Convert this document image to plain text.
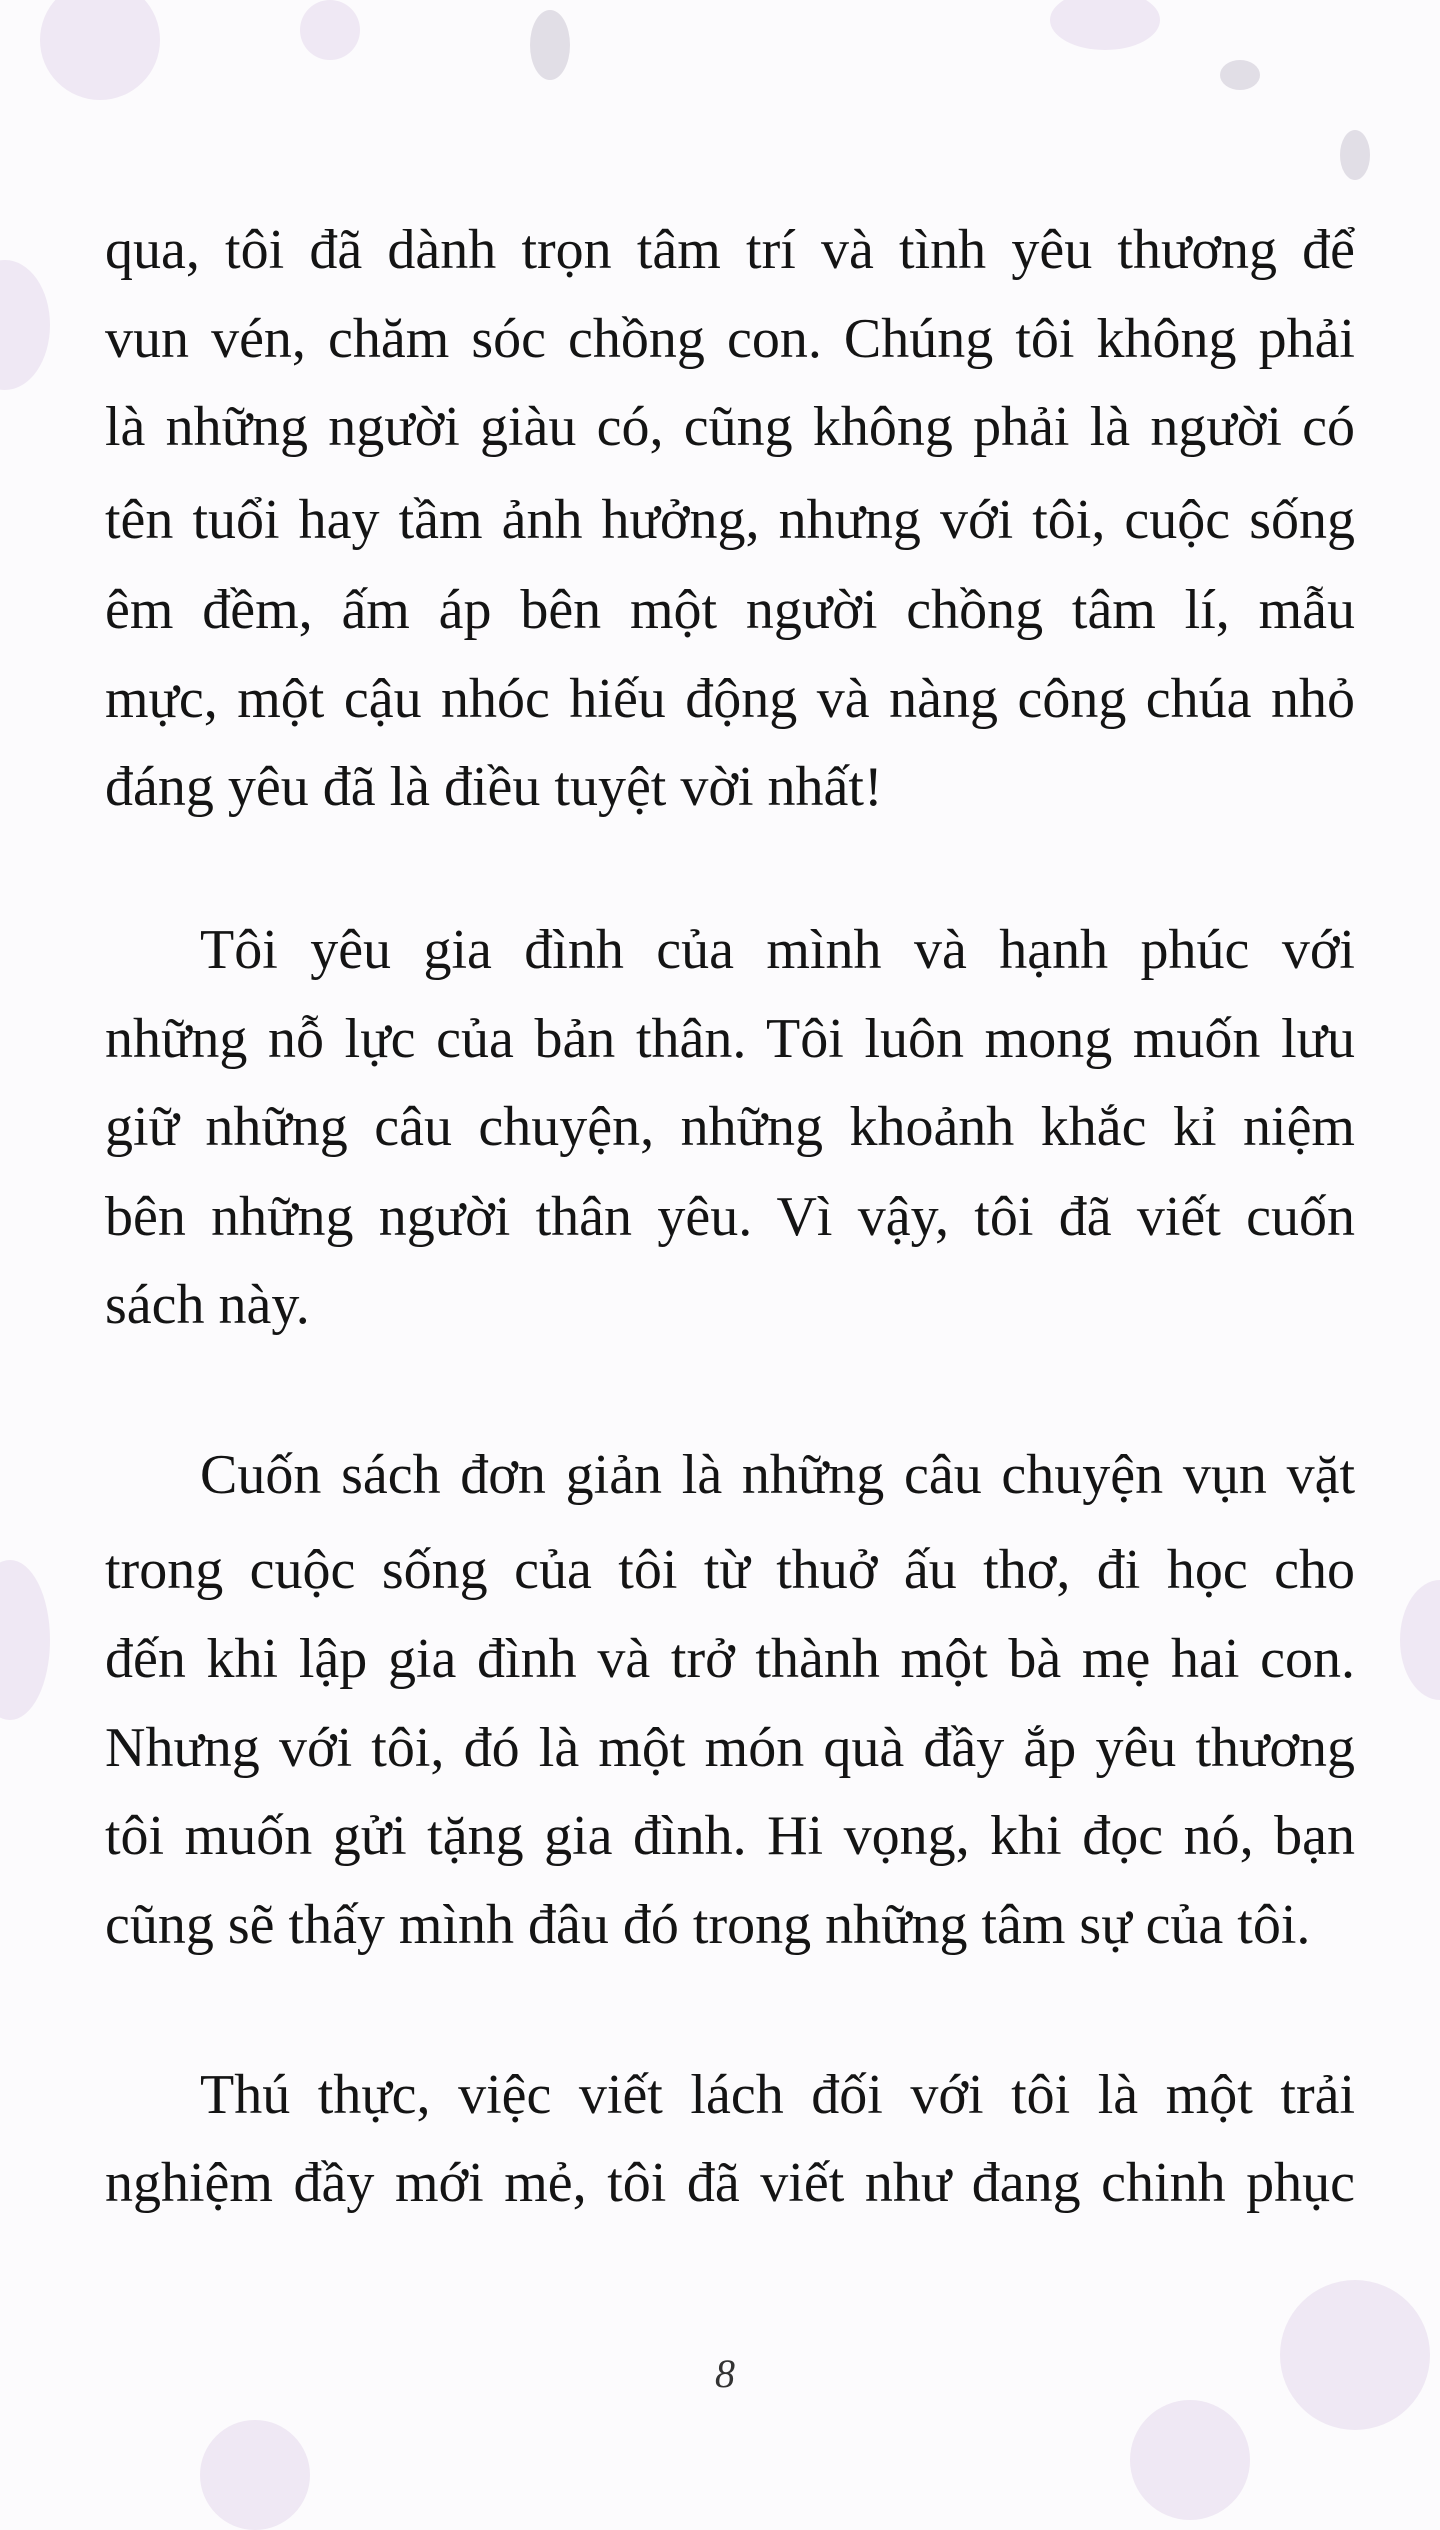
qua, tôi đã dành trọn tâm trí và tình yêu thương để
vun vén, chăm sóc chồng con. Chúng tôi không phải
là những người giàu có, cũng không phải là người có
tên tuổi hay tầm ảnh hưởng, nhưng với tôi, cuộc sống
êm đềm, ấm áp bên một người chồng tâm lí, mẫu
mực, một cậu nhóc hiếu động và nàng công chúa nhỏ
đáng yêu đã là điều tuyệt vời nhất!
Tôi yêu gia đình của mình và hạnh phúc với
những nỗ lực của bản thân. Tôi luôn mong muốn lưu
giữ những câu chuyện, những khoảnh khắc kỉ niệm
bên những người thân yêu. Vì vậy, tôi đã viết cuốn
sách này.
Cuốn sách đơn giản là những câu chuyện vụn vặt
trong cuộc sống của tôi từ thuở ấu thơ, đi học cho
đến khi lập gia đình và trở thành một bà mẹ hai con.
Nhưng với tôi, đó là một món quà đầy ắp yêu thương
tôi muốn gửi tặng gia đình. Hi vọng, khi đọc nó, bạn
cũng sẽ thấy mình đâu đó trong những tâm sự của tôi.
Thú thực, việc viết lách đối với tôi là một trải
nghiệm đầy mới mẻ, tôi đã viết như đang chinh phục
8
